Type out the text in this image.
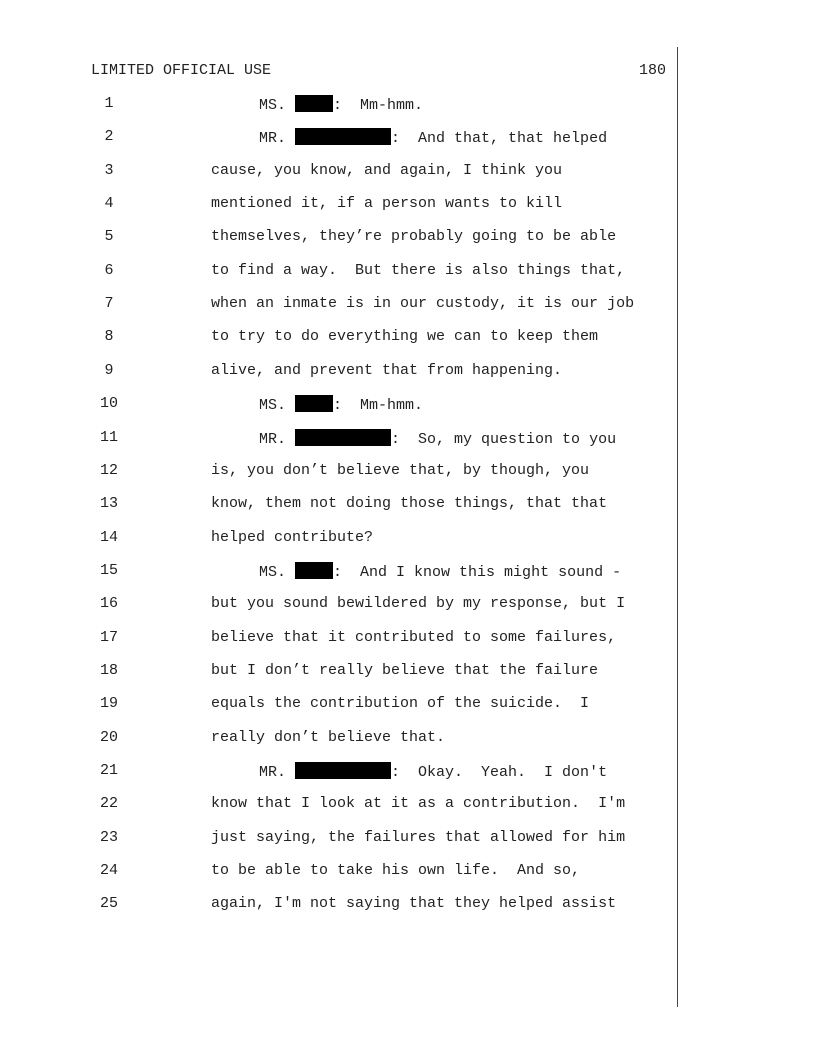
LIMITED OFFICIAL USE	180
1	MS.	:  Mm-hmm.
2	MR.	:  And that, that helped
3	cause, you know, and again, I think you
4	mentioned it, if a person wants to kill
5	themselves, they’re probably going to be able
6	to find a way.  But there is also things that,
7	when an inmate is in our custody, it is our job
8	to try to do everything we can to keep them
9	alive, and prevent that from happening.
10	MS.	:  Mm-hmm.
11	MR.	:  So, my question to you
12	is, you don’t believe that, by though, you
13	know, them not doing those things, that that
14	helped contribute?
15	MS.	:  And I know this might sound -
16	but you sound bewildered by my response, but I
17	believe that it contributed to some failures,
18	but I don’t really believe that the failure
19	equals the contribution of the suicide.  I
20	really don’t believe that.
21	MR.	:  Okay.  Yeah.  I don't
22	know that I look at it as a contribution.  I'm
23	just saying, the failures that allowed for him
24	to be able to take his own life.  And so,
25	again, I'm not saying that they helped assist
